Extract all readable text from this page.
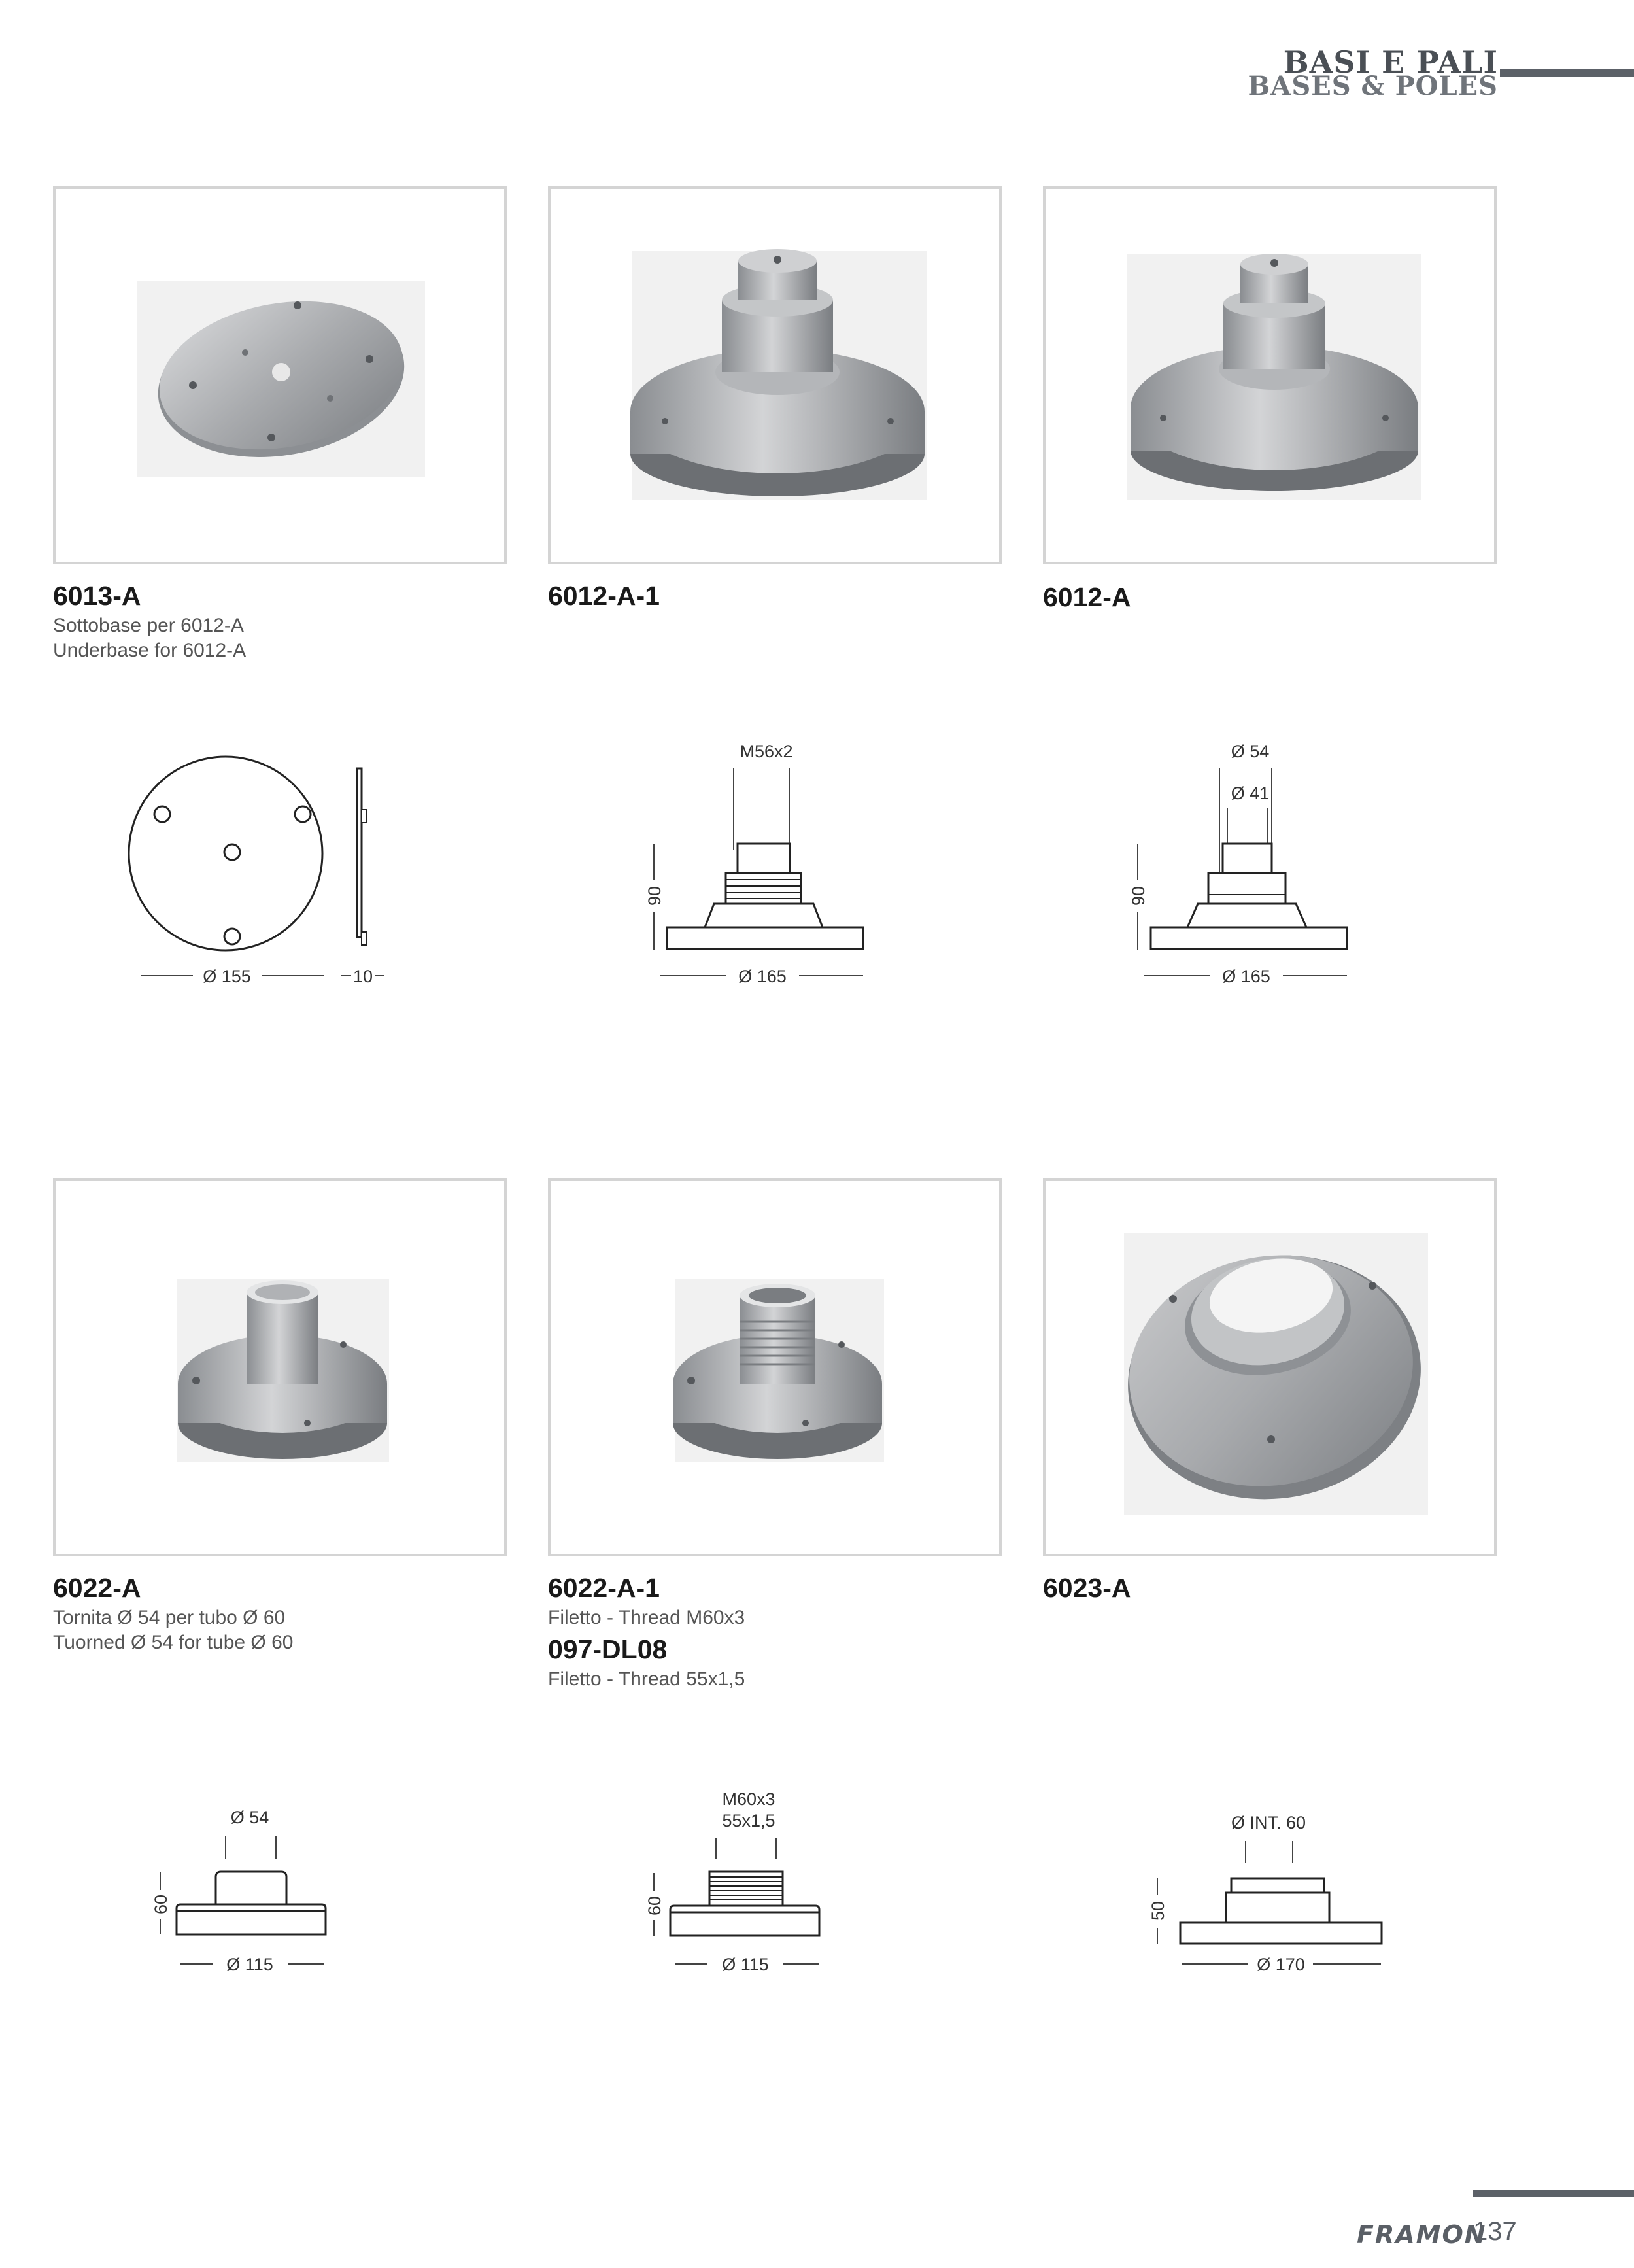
BASI E PALI
BASES & POLES
6013-A
Sottobase per 6012-A
Underbase for 6012-A
6012-A-1	6012-A
Ø 155	10
M56x2
90
Ø 165
Ø 54
Ø 41
90
Ø 165
6022-A
Tornita Ø 54 per tubo Ø 60
Tuorned Ø 54 for tube Ø 60
6022-A-1
Filetto - Thread M60x3
097-DL08
Filetto - Thread 55x1,5
6023-A
Ø 54
60
Ø 115
M60x3
55x1,5
60
Ø 115
Ø INT. 60
50
Ø 170
FRAMON
137
